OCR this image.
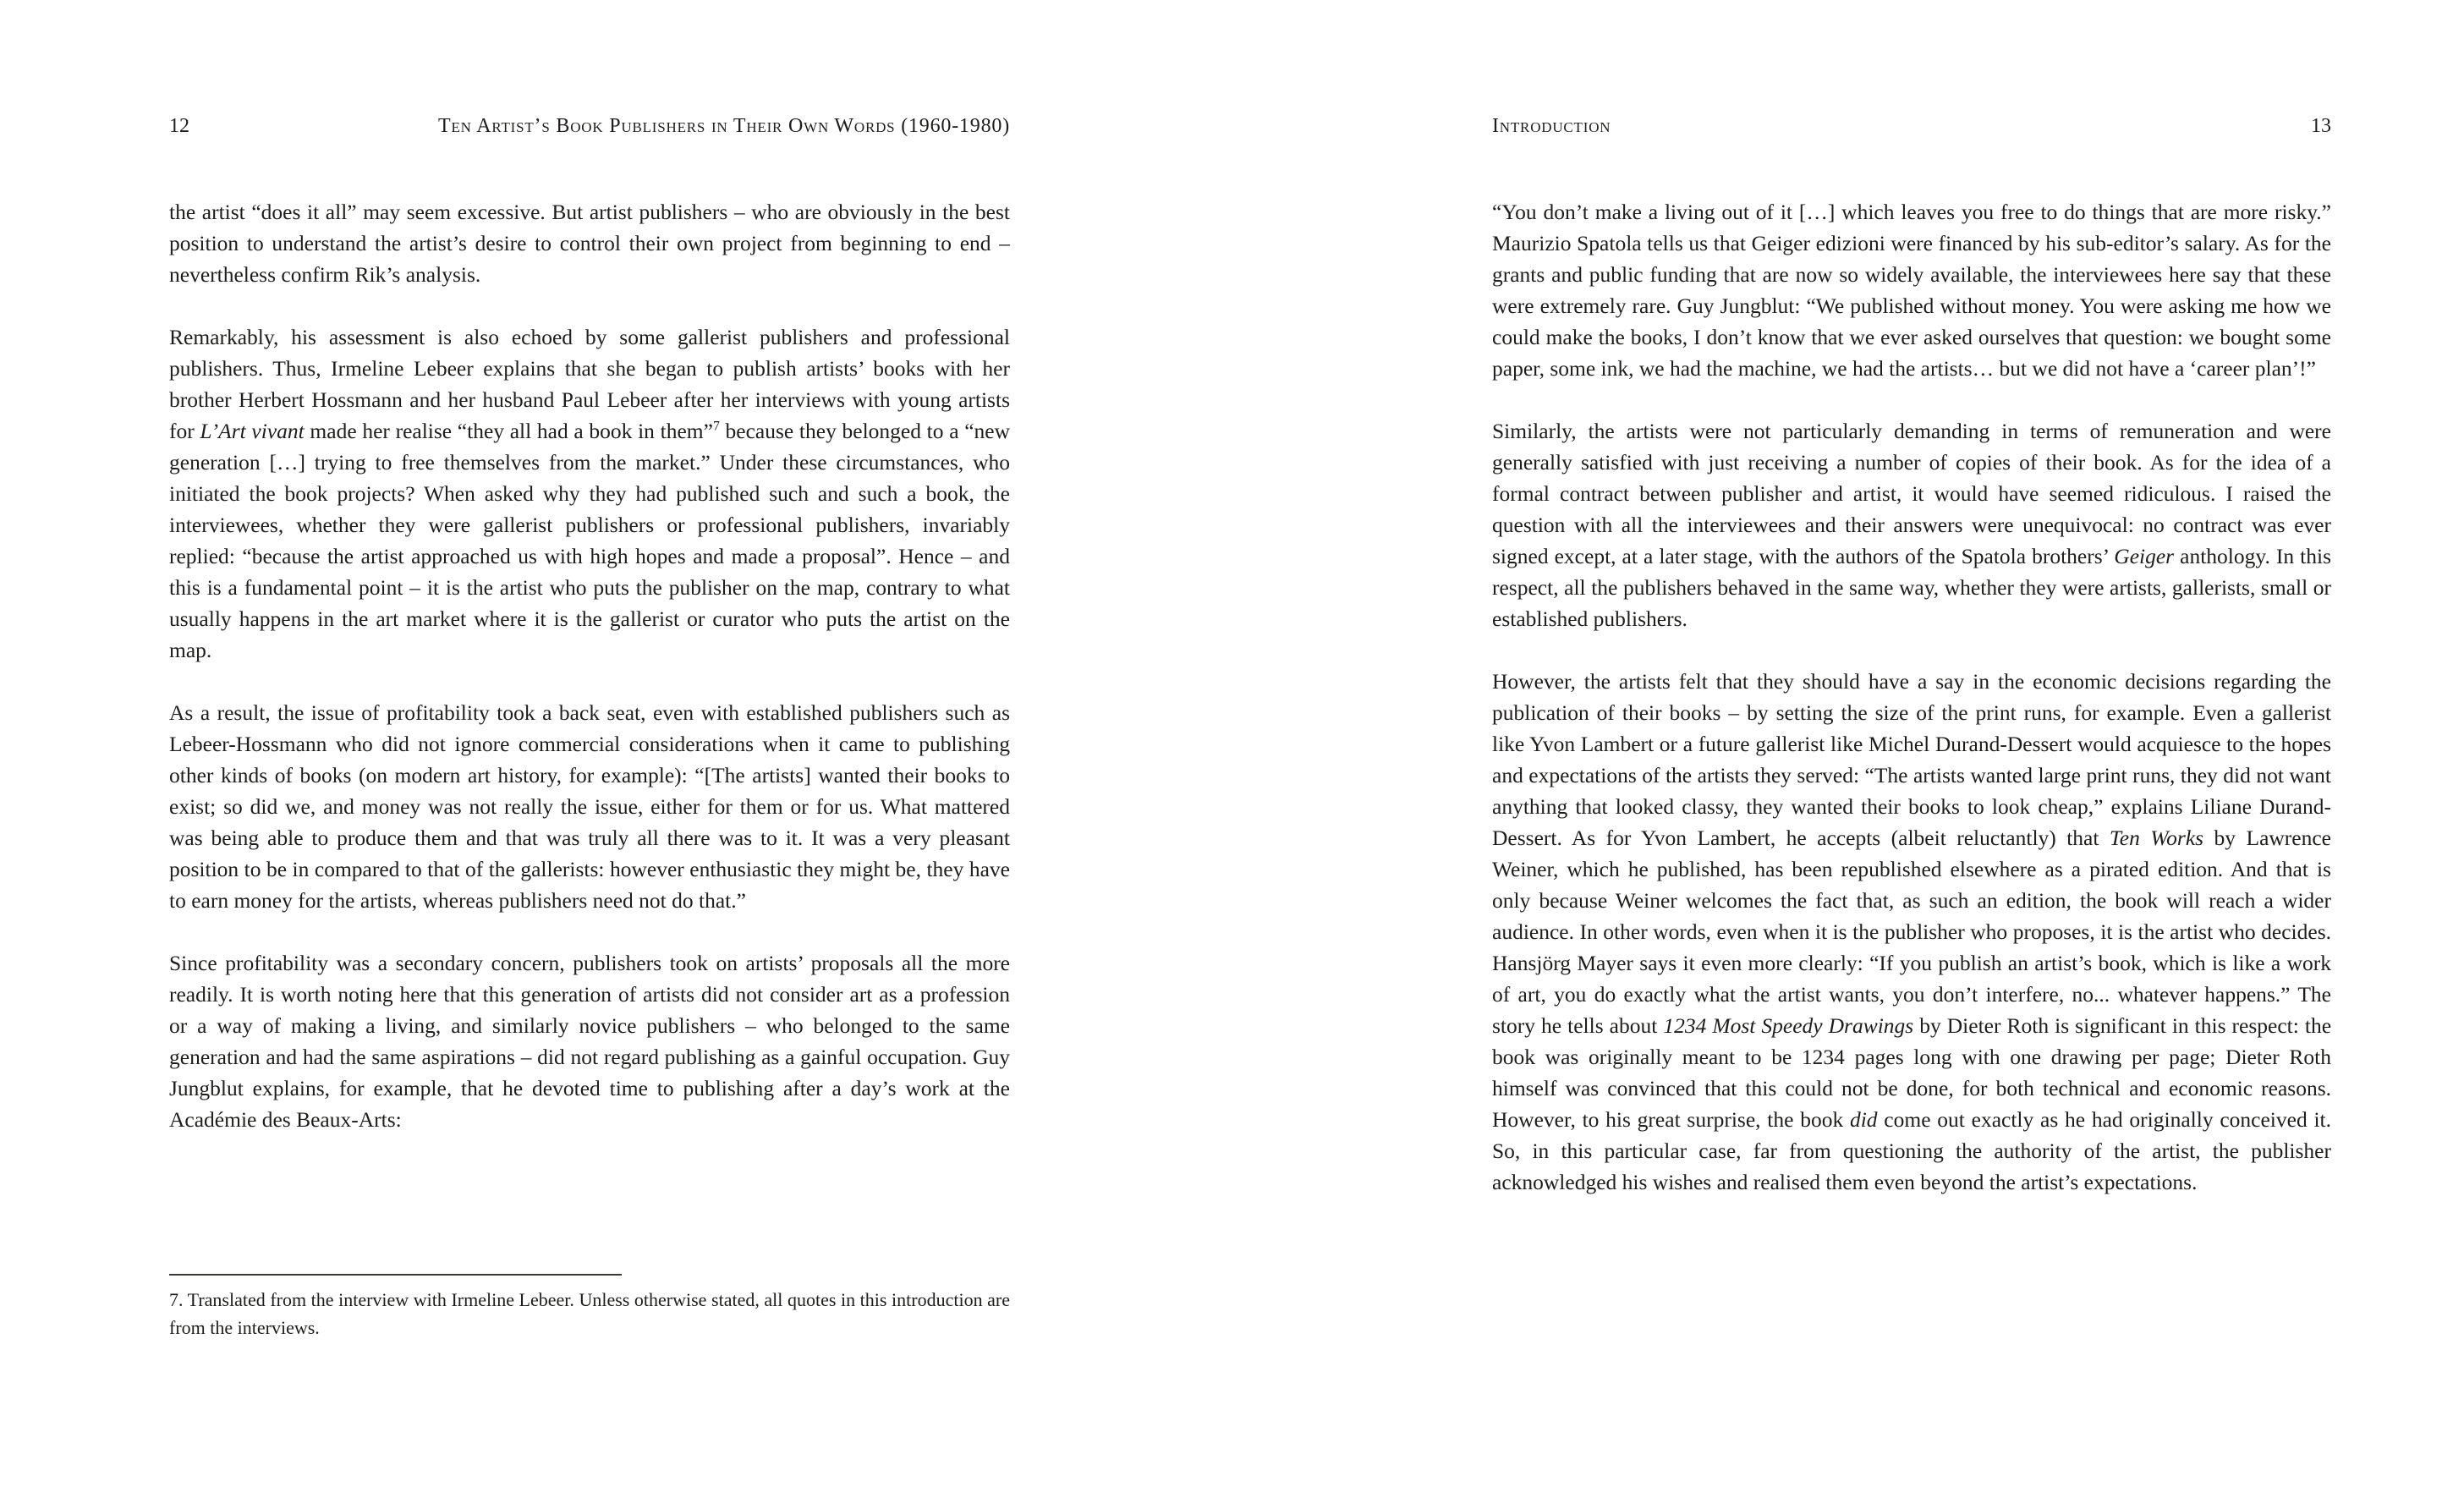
12	Ten Artist’s Book Publishers in Their Own Words (1960-1980)

the artist “does it all” may seem excessive. But artist publishers – who are obviously in the best position to understand the artist’s desire to control their own project from beginning to end – nevertheless confirm Rik’s analysis.

Remarkably, his assessment is also echoed by some gallerist publishers and professional publishers. Thus, Irmeline Lebeer explains that she began to publish artists’ books with her brother Herbert Hossmann and her husband Paul Lebeer after her interviews with young artists for L’Art vivant made her realise “they all had a book in them”$^7$ because they belonged to a “new generation […] trying to free themselves from the market.” Under these circumstances, who initiated the book projects? When asked why they had published such and such a book, the interviewees, whether they were gallerist publishers or professional publishers, invariably replied: “because the artist approached us with high hopes and made a proposal”. Hence – and this is a fundamental point – it is the artist who puts the publisher on the map, contrary to what usually happens in the art market where it is the gallerist or curator who puts the artist on the map.

As a result, the issue of profitability took a back seat, even with established publishers such as Lebeer-Hossmann who did not ignore commercial considerations when it came to publishing other kinds of books (on modern art history, for example): “[The artists] wanted their books to exist; so did we, and money was not really the issue, either for them or for us. What mattered was being able to produce them and that was truly all there was to it. It was a very pleasant position to be in compared to that of the gallerists: however enthusiastic they might be, they have to earn money for the artists, whereas publishers need not do that.”

Since profitability was a secondary concern, publishers took on artists’ proposals all the more readily. It is worth noting here that this generation of artists did not consider art as a profession or a way of making a living, and similarly novice publishers – who belonged to the same generation and had the same aspirations – did not regard publishing as a gainful occupation. Guy Jungblut explains, for example, that he devoted time to publishing after a day’s work at the Académie des Beaux-Arts:

7. Translated from the interview with Irmeline Lebeer. Unless otherwise stated, all quotes in this introduction are from the interviews.

Introduction	13

“You don’t make a living out of it […] which leaves you free to do things that are more risky.” Maurizio Spatola tells us that Geiger edizioni were financed by his sub-editor’s salary. As for the grants and public funding that are now so widely available, the interviewees here say that these were extremely rare. Guy Jungblut: “We published without money. You were asking me how we could make the books, I don’t know that we ever asked ourselves that question: we bought some paper, some ink, we had the machine, we had the artists… but we did not have a ‘career plan’!”

Similarly, the artists were not particularly demanding in terms of remuneration and were generally satisfied with just receiving a number of copies of their book. As for the idea of a formal contract between publisher and artist, it would have seemed ridiculous. I raised the question with all the interviewees and their answers were unequivocal: no contract was ever signed except, at a later stage, with the authors of the Spatola brothers’ Geiger anthology. In this respect, all the publishers behaved in the same way, whether they were artists, gallerists, small or established publishers.

However, the artists felt that they should have a say in the economic decisions regarding the publication of their books – by setting the size of the print runs, for example. Even a gallerist like Yvon Lambert or a future gallerist like Michel Durand-Dessert would acquiesce to the hopes and expectations of the artists they served: “The artists wanted large print runs, they did not want anything that looked classy, they wanted their books to look cheap,” explains Liliane Durand-Dessert. As for Yvon Lambert, he accepts (albeit reluctantly) that Ten Works by Lawrence Weiner, which he published, has been republished elsewhere as a pirated edition. And that is only because Weiner welcomes the fact that, as such an edition, the book will reach a wider audience. In other words, even when it is the publisher who proposes, it is the artist who decides. Hansjörg Mayer says it even more clearly: “If you publish an artist’s book, which is like a work of art, you do exactly what the artist wants, you don’t interfere, no... whatever happens.” The story he tells about 1234 Most Speedy Drawings by Dieter Roth is significant in this respect: the book was originally meant to be 1234 pages long with one drawing per page; Dieter Roth himself was convinced that this could not be done, for both technical and economic reasons. However, to his great surprise, the book did come out exactly as he had originally conceived it. So, in this particular case, far from questioning the authority of the artist, the publisher acknowledged his wishes and realised them even beyond the artist’s expectations.
